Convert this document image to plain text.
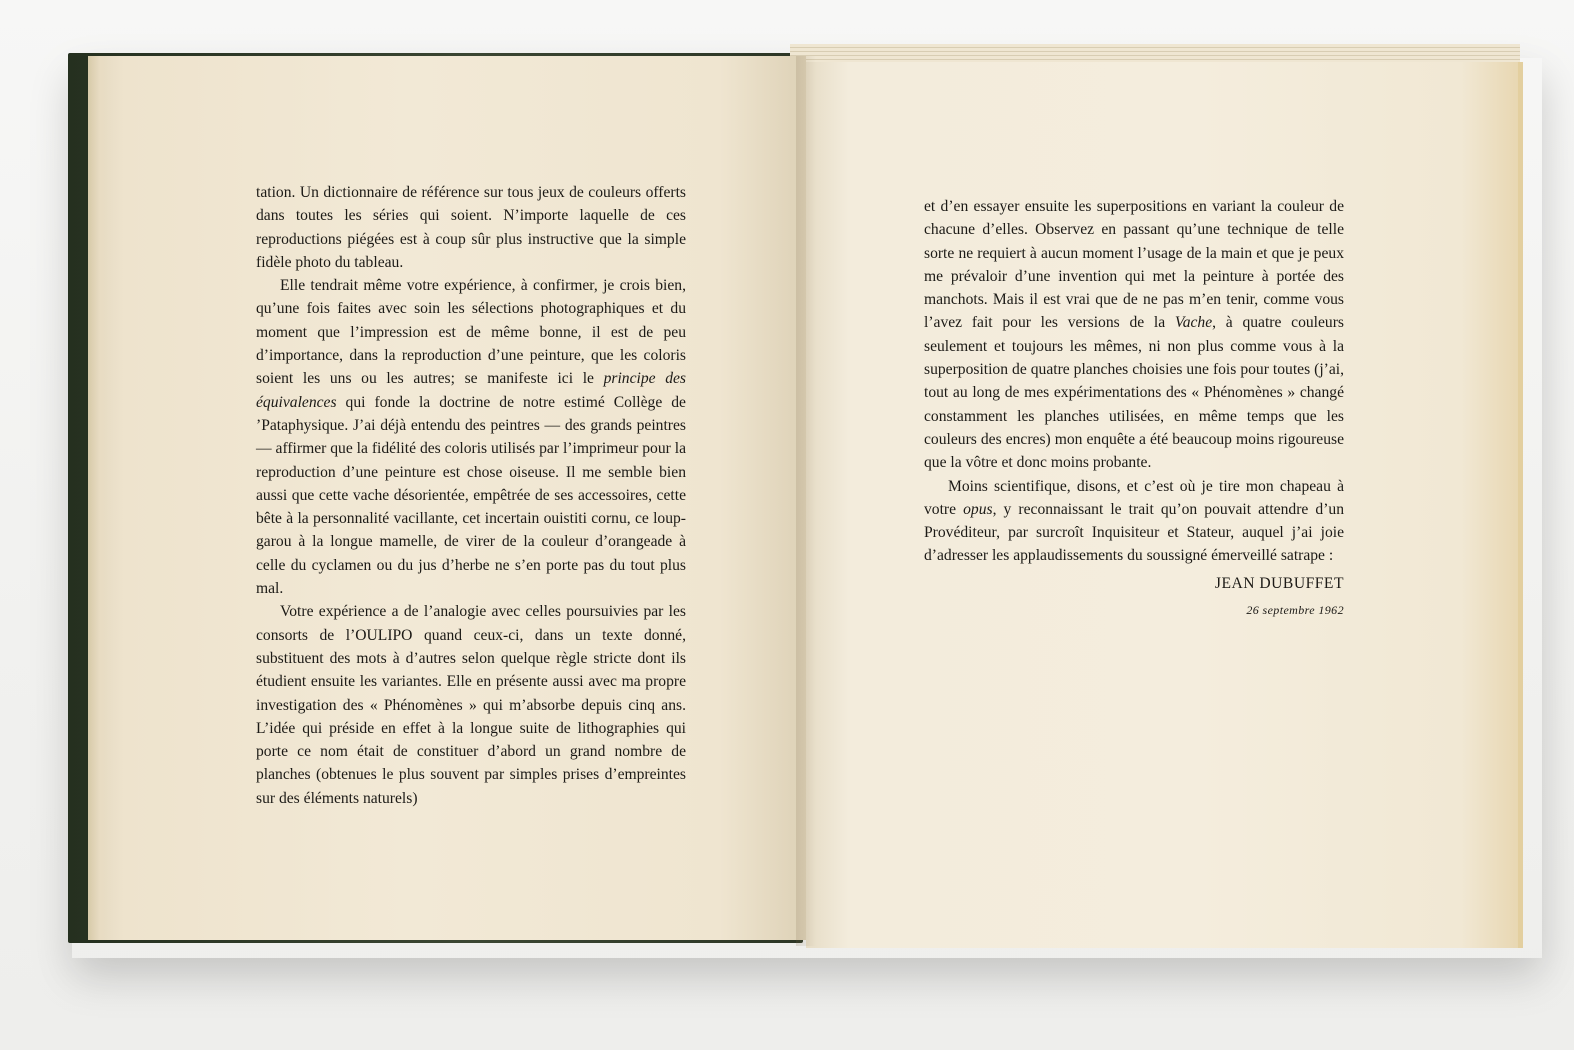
tation. Un dictionnaire de référence sur tous jeux de couleurs offerts dans toutes les séries qui soient. N’importe laquelle de ces reproductions piégées est à coup sûr plus instructive que la simple fidèle photo du tableau.

Elle tendrait même votre expérience, à confirmer, je crois bien, qu’une fois faites avec soin les sélections photographiques et du moment que l’impression est de même bonne, il est de peu d’importance, dans la reproduction d’une peinture, que les coloris soient les uns ou les autres; se manifeste ici le principe des équivalences qui fonde la doctrine de notre estimé Collège de ’Pataphysique. J’ai déjà entendu des peintres — des grands peintres — affirmer que la fidélité des coloris utilisés par l’imprimeur pour la reproduction d’une peinture est chose oiseuse. Il me semble bien aussi que cette vache désorientée, empêtrée de ses accessoires, cette bête à la personnalité vacillante, cet incertain ouistiti cornu, ce loup-garou à la longue mamelle, de virer de la couleur d’orangeade à celle du cyclamen ou du jus d’herbe ne s’en porte pas du tout plus mal.

Votre expérience a de l’analogie avec celles poursuivies par les consorts de l’OULIPO quand ceux-ci, dans un texte donné, substituent des mots à d’autres selon quelque règle stricte dont ils étudient ensuite les variantes. Elle en présente aussi avec ma propre investigation des « Phénomènes » qui m’absorbe depuis cinq ans. L’idée qui préside en effet à la longue suite de lithographies qui porte ce nom était de constituer d’abord un grand nombre de planches (obtenues le plus souvent par simples prises d’empreintes sur des éléments naturels)

et d’en essayer ensuite les superpositions en variant la couleur de chacune d’elles. Observez en passant qu’une technique de telle sorte ne requiert à aucun moment l’usage de la main et que je peux me prévaloir d’une invention qui met la peinture à portée des manchots. Mais il est vrai que de ne pas m’en tenir, comme vous l’avez fait pour les versions de la Vache, à quatre couleurs seulement et toujours les mêmes, ni non plus comme vous à la superposition de quatre planches choisies une fois pour toutes (j’ai, tout au long de mes expérimentations des « Phénomènes » changé constamment les planches utilisées, en même temps que les couleurs des encres) mon enquête a été beaucoup moins rigoureuse que la vôtre et donc moins probante.

Moins scientifique, disons, et c’est où je tire mon chapeau à votre opus, y reconnaissant le trait qu’on pouvait attendre d’un Provéditeur, par surcroît Inquisiteur et Stateur, auquel j’ai joie d’adresser les applaudissements du soussigné émerveillé satrape :

JEAN DUBUFFET

26 septembre 1962
